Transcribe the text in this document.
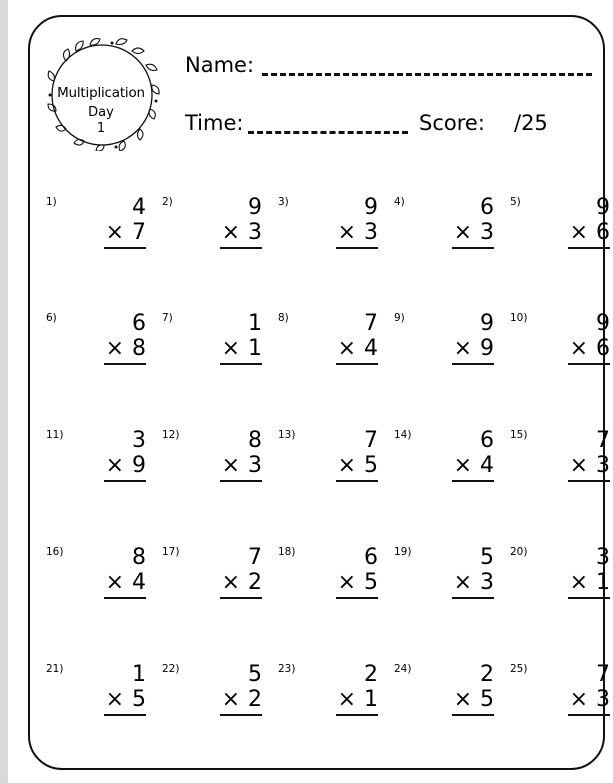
Multiplication
Day
1
Name:
Time:	Score: /25
1)	4
× 7
2)	9
× 3
3)	9
× 3
4)	6
× 3
5)	9
× 6
6)	6
× 8
7)	1
× 1
8)	7
× 4
9)	9
× 9
10)	9
× 6
11)	3
× 9
12)	8
× 3
13)	7
× 5
14)	6
× 4
15)	7
× 3
16)	8
× 4
17)	7
× 2
18)	6
× 5
19)	5
× 3
20)	3
× 1
21)	1
× 5
22)	5
× 2
23)	2
× 1
24)	2
× 5
25)	7
× 3
